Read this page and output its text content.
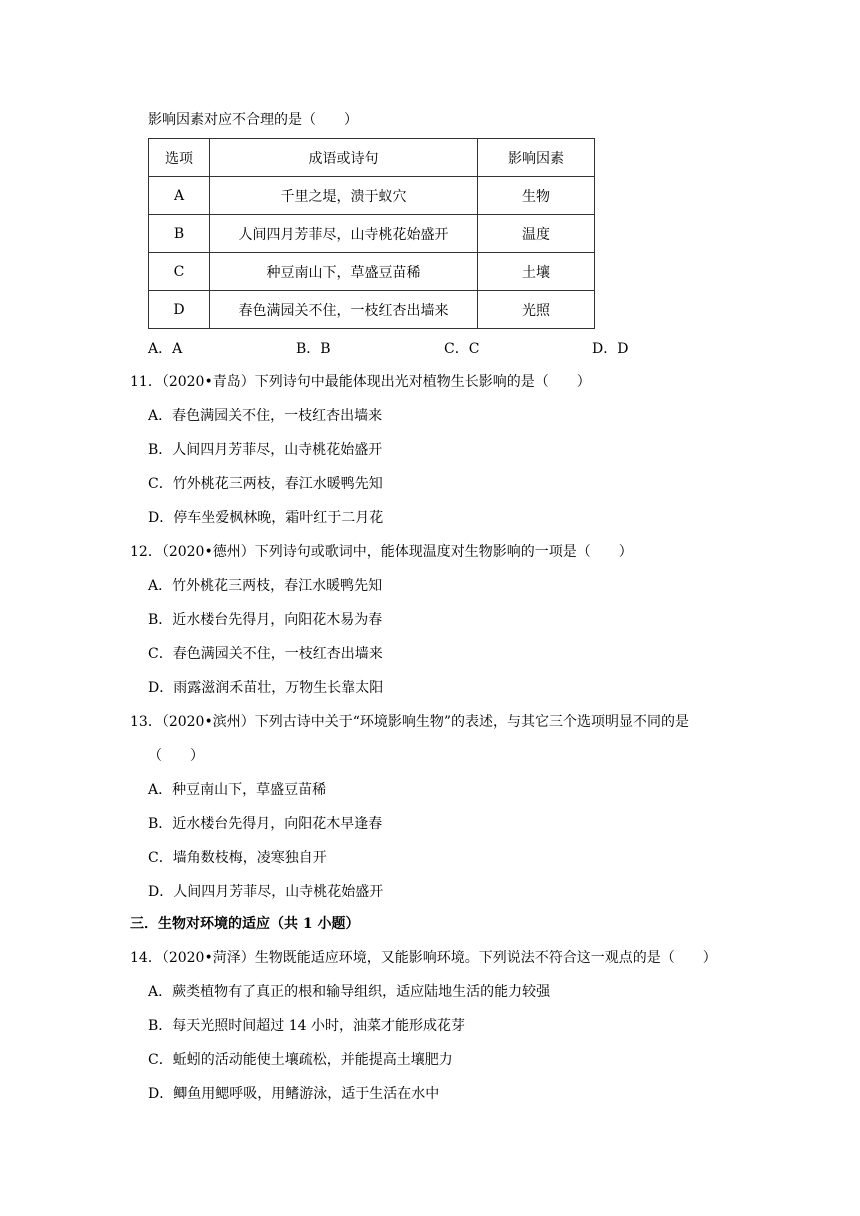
影响因素对应不合理的是（　　）
选项	成语或诗句	影响因素
A	千里之堤，溃于蚁穴	生物
B	人间四月芳菲尽，山寺桃花始盛开	温度
C	种豆南山下，草盛豆苗稀	土壤
D	春色满园关不住，一枝红杏出墙来	光照
A．A	B．B	C．C	D．D
11．（2020•青岛）下列诗句中最能体现出光对植物生长影响的是（　　）
A．春色满园关不住，一枝红杏出墙来
B．人间四月芳菲尽，山寺桃花始盛开
C．竹外桃花三两枝，春江水暖鸭先知
D．停车坐爱枫林晚，霜叶红于二月花
12．（2020•德州）下列诗句或歌词中，能体现温度对生物影响的一项是（　　）
A．竹外桃花三两枝，春江水暖鸭先知
B．近水楼台先得月，向阳花木易为春
C．春色满园关不住，一枝红杏出墙来
D．雨露滋润禾苗壮，万物生长靠太阳
13．（2020•滨州）下列古诗中关于“环境影响生物”的表述，与其它三个选项明显不同的是
（　　）
A．种豆南山下，草盛豆苗稀
B．近水楼台先得月，向阳花木早逢春
C．墙角数枝梅，凌寒独自开
D．人间四月芳菲尽，山寺桃花始盛开
三．生物对环境的适应（共 1 小题）
14．（2020•菏泽）生物既能适应环境，又能影响环境。下列说法不符合这一观点的是（　　）
A．蕨类植物有了真正的根和输导组织，适应陆地生活的能力较强
B．每天光照时间超过 14 小时，油菜才能形成花芽
C．蚯蚓的活动能使土壤疏松，并能提高土壤肥力
D．鲫鱼用鳃呼吸，用鳍游泳，适于生活在水中
